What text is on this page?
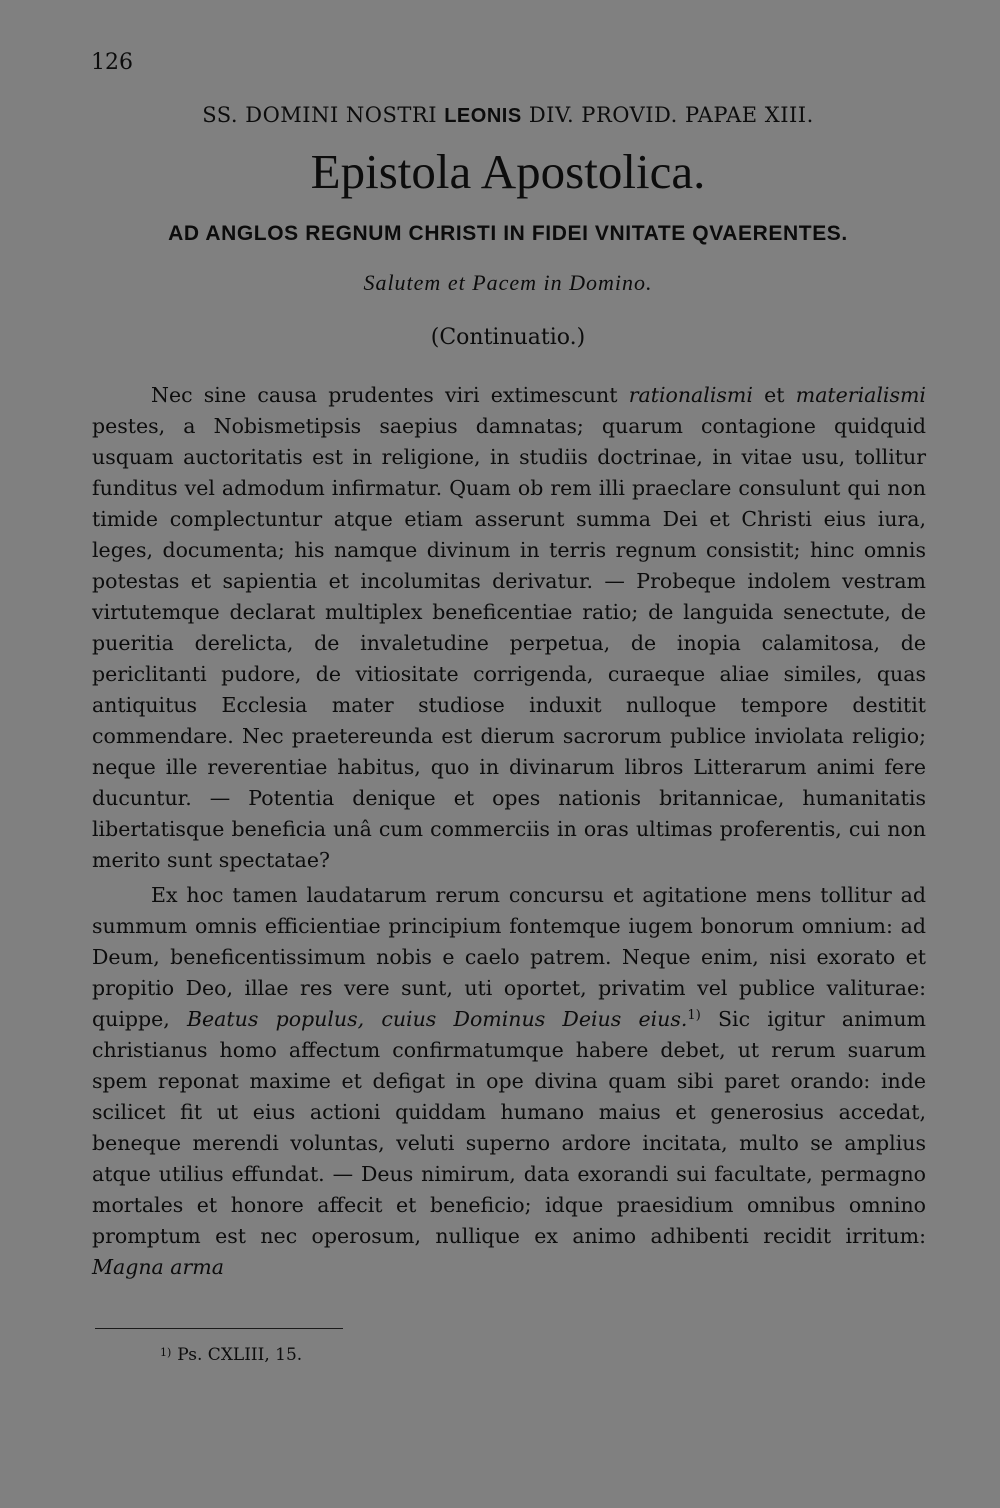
126
SS. DOMINI NOSTRI LEONIS DIV. PROVID. PAPAE XIII.
Epistola Apostolica.
AD ANGLOS REGNUM CHRISTI IN FIDEI VNITATE QVAERENTES.
Salutem et Pacem in Domino.
(Continuatio.)

Nec sine causa prudentes viri extimescunt rationalismi et materialismi pestes, a Nobismetipsis saepius damnatas; quarum contagione quidquid usquam auctoritatis est in religione, in studiis doctrinae, in vitae usu, tollitur funditus vel admodum infirmatur. Quam ob rem illi praeclare consulunt qui non timide complectuntur atque etiam asserunt summa Dei et Christi eius iura, leges, documenta; his namque divinum in terris regnum consistit; hinc omnis potestas et sapientia et incolumitas derivatur. — Probeque indolem vestram virtutemque declarat multiplex beneficentiae ratio; de languida senectute, de pueritia derelicta, de invaletudine perpetua, de inopia calamitosa, de periclitanti pudore, de vitiositate corrigenda, curaeque aliae similes, quas antiquitus Ecclesia mater studiose induxit nulloque tempore destitit commendare. Nec praetereunda est dierum sacrorum publice inviolata religio; neque ille reverentiae habitus, quo in divinarum libros Litterarum animi fere ducuntur. — Potentia denique et opes nationis britannicae, humanitatis libertatisque beneficia unâ cum commerciis in oras ultimas proferentis, cui non merito sunt spectatae?

Ex hoc tamen laudatarum rerum concursu et agitatione mens tollitur ad summum omnis efficientiae principium fontemque iugem bonorum omnium: ad Deum, beneficentissimum nobis e caelo patrem. Neque enim, nisi exorato et propitio Deo, illae res vere sunt, uti oportet, privatim vel publice valiturae: quippe, Beatus populus, cuius Dominus Deius eius.$^{1)}$ Sic igitur animum christianus homo affectum confirmatumque habere debet, ut rerum suarum spem reponat maxime et defigat in ope divina quam sibi paret orando: inde scilicet fit ut eius actioni quiddam humano maius et generosius accedat, beneque merendi voluntas, veluti superno ardore incitata, multo se amplius atque utilius effundat. — Deus nimirum, data exorandi sui facultate, permagno mortales et honore affecit et beneficio; idque praesidium omnibus omnino promptum est nec operosum, nullique ex animo adhibenti recidit irritum: Magna arma

$^{1)}$ Ps. CXLIII, 15.
